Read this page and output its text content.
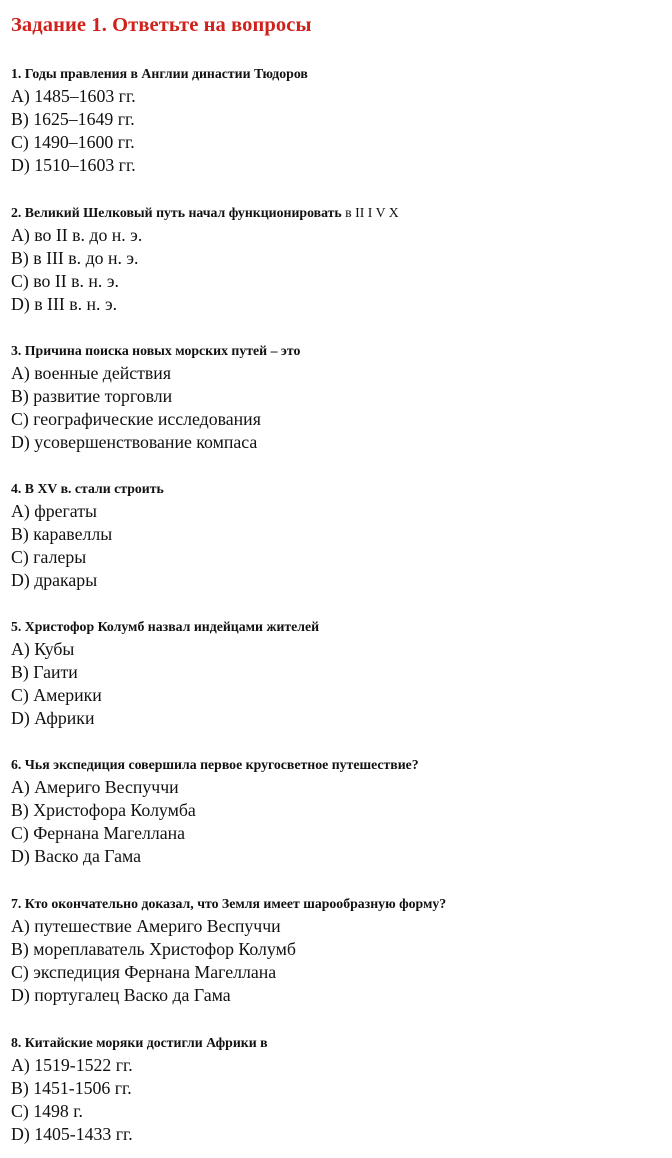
Задание 1. Ответьте на вопросы
1. Годы правления в Англии династии Тюдоров
A) 1485–1603 гг.
B) 1625–1649 гг.
C) 1490–1600 гг.
D) 1510–1603 гг.
2. Великий Шелковый путь начал функционировать в II I V X
A) во II в. до н. э.
B) в III в. до н. э.
C) во II в. н. э.
D) в III в. н. э.
3. Причина поиска новых морских путей – это
A) военные действия
B) развитие торговли
C) географические исследования
D) усовершенствование компаса
4. В XV в. стали строить
A) фрегаты
B) каравеллы
C) галеры
D) дракары
5. Христофор Колумб назвал индейцами жителей
A) Кубы
B) Гаити
C) Америки
D) Африки
6. Чья экспедиция совершила первое кругосветное путешествие?
A) Америго Веспуччи
B) Христофора Колумба
C) Фернана Магеллана
D) Васко да Гама
7. Кто окончательно доказал, что Земля имеет шарообразную форму?
A) путешествие Америго Веспуччи
B) мореплаватель Христофор Колумб
C) экспедиция Фернана Магеллана
D) португалец Васко да Гама
8. Китайские моряки достигли Африки в
A) 1519-1522 гг.
B) 1451-1506 гг.
C) 1498 г.
D) 1405-1433 гг.
